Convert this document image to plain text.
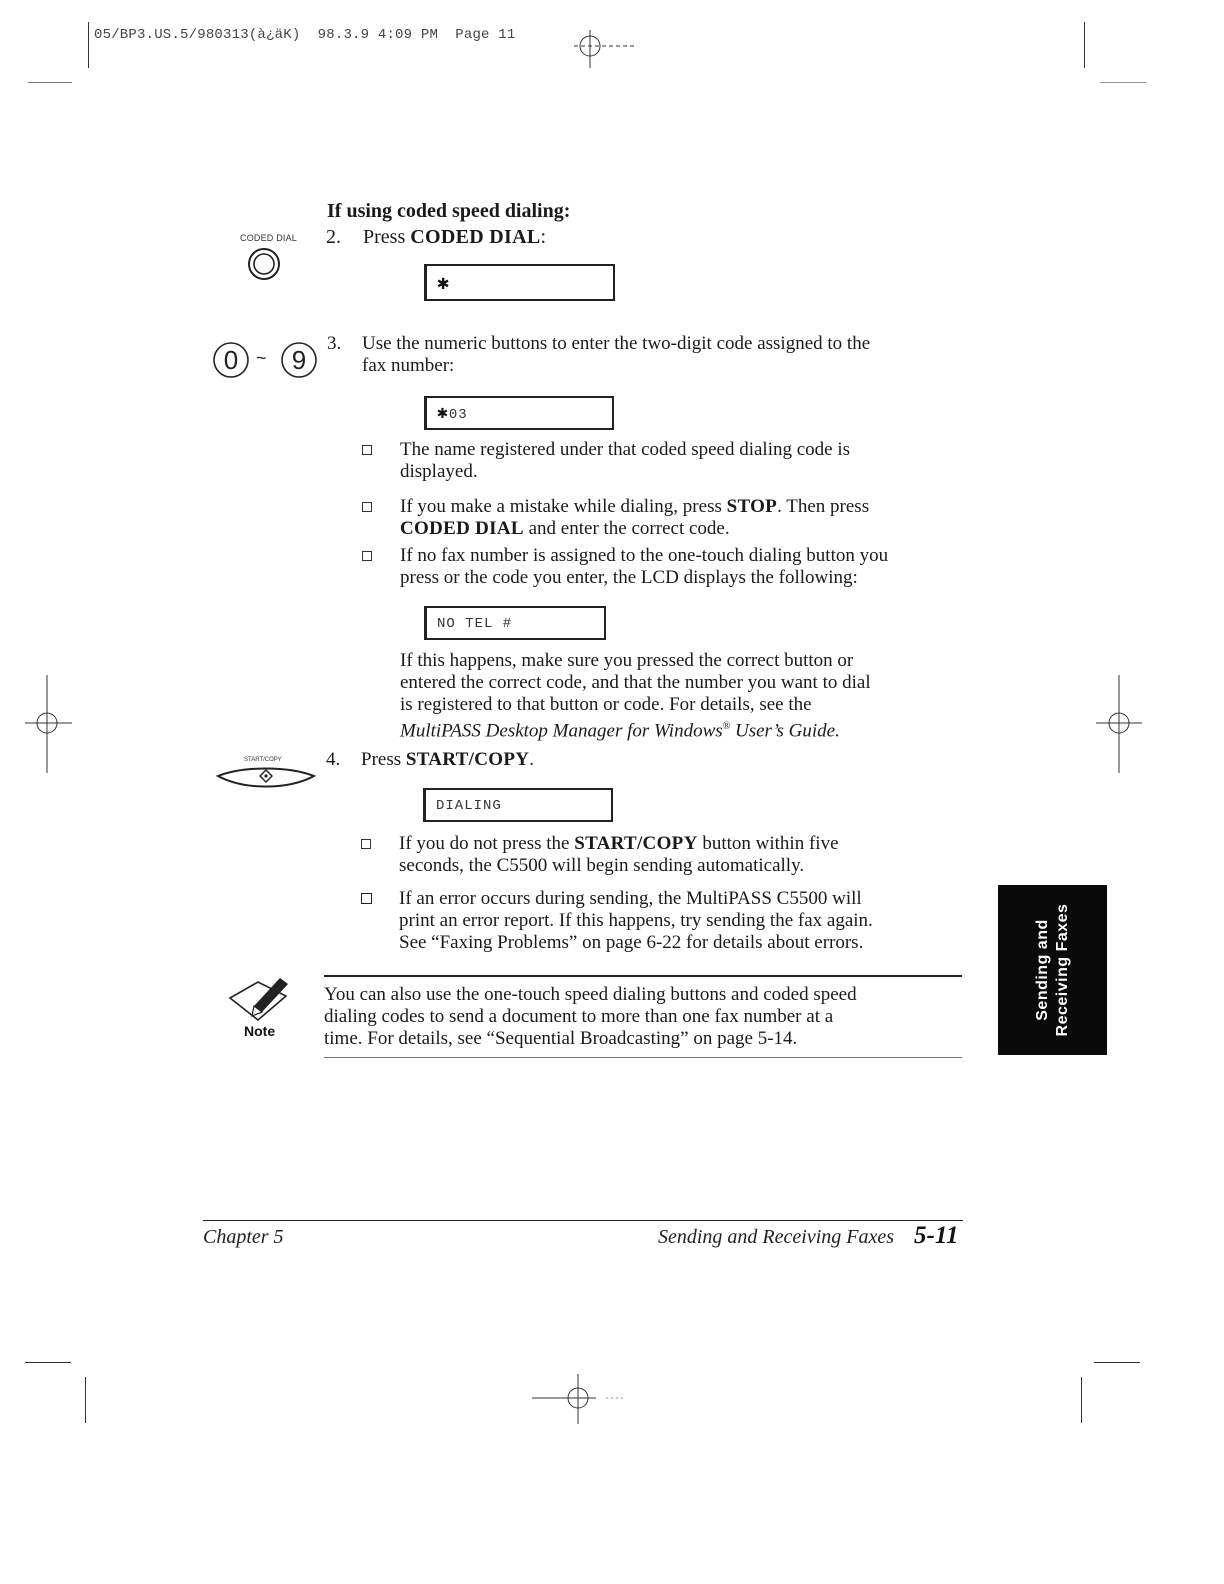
05/BP3.US.5/980313(à¿äK)  98.3.9 4:09 PM  Page 11
If using coded speed dialing:
CODED DIAL 2. Press CODED DIAL:
✱
0 ~ 9
3. Use the numeric buttons to enter the two-digit code assigned to the
fax number:
✱03
The name registered under that coded speed dialing code is
displayed.
If you make a mistake while dialing, press STOP. Then press
CODED DIAL and enter the correct code.
If no fax number is assigned to the one-touch dialing button you
press or the code you enter, the LCD displays the following:
NO TEL #
If this happens, make sure you pressed the correct button or
entered the correct code, and that the number you want to dial
is registered to that button or code. For details, see the
MultiPASS Desktop Manager for Windows® User’s Guide.
START/COPY 4. Press START/COPY.
DIALING
If you do not press the START/COPY button within five
seconds, the C5500 will begin sending automatically.
If an error occurs during sending, the MultiPASS C5500 will
print an error report. If this happens, try sending the fax again.
See “Faxing Problems” on page 6-22 for details about errors.
Note
You can also use the one-touch speed dialing buttons and coded speed
dialing codes to send a document to more than one fax number at a
time. For details, see “Sequential Broadcasting” on page 5-14.
Sending and Receiving Faxes
Chapter 5	Sending and Receiving Faxes 5-11
